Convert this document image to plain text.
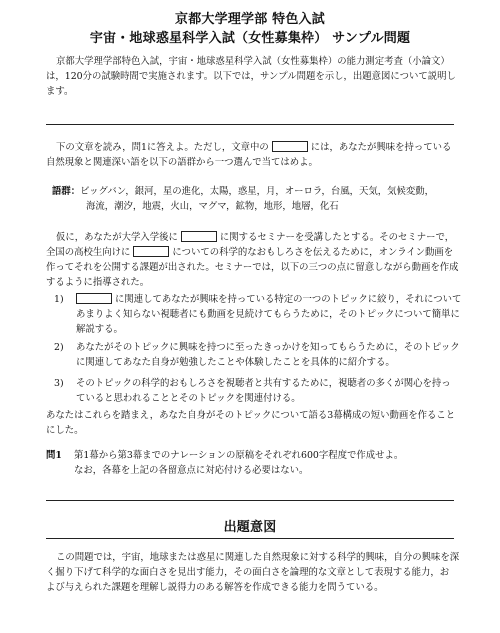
京都大学理学部 特色入試
宇宙・地球惑星科学入試（女性募集枠） サンプル問題
京都大学理学部特色入試，宇宙・地球惑星科学入試（女性募集枠）の能力測定考査（小論文）
は，120分の試験時間で実施されます。以下では，サンプル問題を示し，出題意図について説明し
ます。
下の文章を読み，問1に答えよ。ただし，文章中の	には，あなたが興味を持っている
自然現象と関連深い語を以下の語群から一つ選んで当てはめよ。
語群：ビッグバン，銀河，星の進化，太陽，惑星，月，オーロラ，台風，天気，気候変動，
海流，潮汐，地震，火山，マグマ，鉱物，地形，地層，化石
仮に，あなたが大学入学後に	に関するセミナーを受講したとする。そのセミナーで，
全国の高校生向けに	についての科学的なおもしろさを伝えるために，オンライン動画を
作ってそれを公開する課題が出された。セミナーでは，以下の三つの点に留意しながら動画を作成
するように指導された。
1)	に関連してあなたが興味を持っている特定の一つのトピックに絞り，それについて
あまりよく知らない視聴者にも動画を見続けてもらうために，そのトピックについて簡単に
解説する。
2)	あなたがそのトピックに興味を持つに至ったきっかけを知ってもらうために，そのトピック
に関連してあなた自身が勉強したことや体験したことを具体的に紹介する。
3)	そのトピックの科学的おもしろさを視聴者と共有するために，視聴者の多くが関心を持っ
ていると思われることとそのトピックを関連付ける。
あなたはこれらを踏まえ，あなた自身がそのトピックについて語る3幕構成の短い動画を作ること
にした。
問1	第1幕から第3幕までのナレーションの原稿をそれぞれ600字程度で作成せよ。
なお，各幕を上記の各留意点に対応付ける必要はない。
出題意図
この問題では，宇宙，地球または惑星に関連した自然現象に対する科学的興味，自分の興味を深
く掘り下げて科学的な面白さを見出す能力，その面白さを論理的な文章として表現する能力，お
よび与えられた課題を理解し説得力のある解答を作成できる能力を問うている。
